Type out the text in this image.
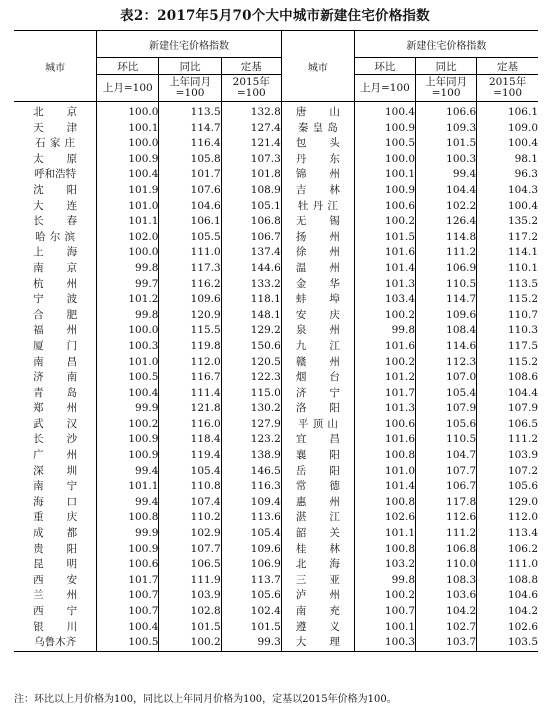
表2：2017年5月70个大中城市新建住宅价格指数
城市	新建住宅价格指数			城市	新建住宅价格指数		
	环比	同比	定基		环比	同比	定基
	上月=100	上年同月=100	2015年=100		上月=100	上年同月=100	2015年=100
北京	100.0	113.5	132.8	唐山	100.4	106.6	106.1
天津	100.1	114.7	127.4	秦皇岛	100.9	109.3	109.0
石家庄	100.0	116.4	121.4	包头	100.5	101.5	100.4
太原	100.9	105.8	107.3	丹东	100.0	100.3	98.1
呼和浩特	100.4	101.7	101.8	锦州	100.1	99.4	96.3
沈阳	101.9	107.6	108.9	吉林	100.9	104.4	104.3
大连	101.0	104.6	105.1	牡丹江	100.6	102.2	100.4
长春	101.1	106.1	106.8	无锡	100.2	126.4	135.2
哈尔滨	102.0	105.5	106.7	扬州	101.5	114.8	117.2
上海	100.0	111.0	137.4	徐州	101.6	111.2	114.1
南京	99.8	117.3	144.6	温州	101.4	106.9	110.1
杭州	99.7	116.2	133.2	金华	101.3	110.5	113.5
宁波	101.2	109.6	118.1	蚌埠	103.4	114.7	115.2
合肥	99.8	120.9	148.1	安庆	100.2	109.6	110.7
福州	100.0	115.5	129.2	泉州	99.8	108.4	110.3
厦门	100.3	119.8	150.6	九江	101.6	114.6	117.5
南昌	101.0	112.0	120.5	赣州	100.2	112.3	115.2
济南	100.5	116.7	122.3	烟台	101.2	107.0	108.6
青岛	100.4	111.4	115.0	济宁	101.7	105.4	104.4
郑州	99.9	121.8	130.2	洛阳	101.3	107.9	107.9
武汉	100.2	116.0	127.9	平顶山	100.6	105.6	106.5
长沙	100.9	118.4	123.2	宜昌	101.6	110.5	111.2
广州	100.9	119.4	138.9	襄阳	100.8	104.7	103.9
深圳	99.4	105.4	146.5	岳阳	101.0	107.7	107.2
南宁	101.1	110.8	116.3	常德	101.4	106.7	105.6
海口	99.4	107.4	109.4	惠州	100.8	117.8	129.0
重庆	100.8	110.2	113.6	湛江	102.6	112.6	112.0
成都	99.9	102.9	105.4	韶关	101.1	111.2	113.4
贵阳	100.9	107.7	109.6	桂林	100.8	106.8	106.2
昆明	100.6	106.5	106.9	北海	103.2	110.0	111.0
西安	101.7	111.9	113.7	三亚	99.8	108.3	108.8
兰州	100.7	103.9	105.6	泸州	100.2	103.6	104.6
西宁	100.7	102.8	102.4	南充	100.7	104.2	104.2
银川	100.4	101.5	101.5	遵义	100.1	102.7	102.6
乌鲁木齐	100.5	100.2	99.3	大理	100.3	103.7	103.5
注：环比以上月价格为100，同比以上年同月价格为100，定基以2015年价格为100。
